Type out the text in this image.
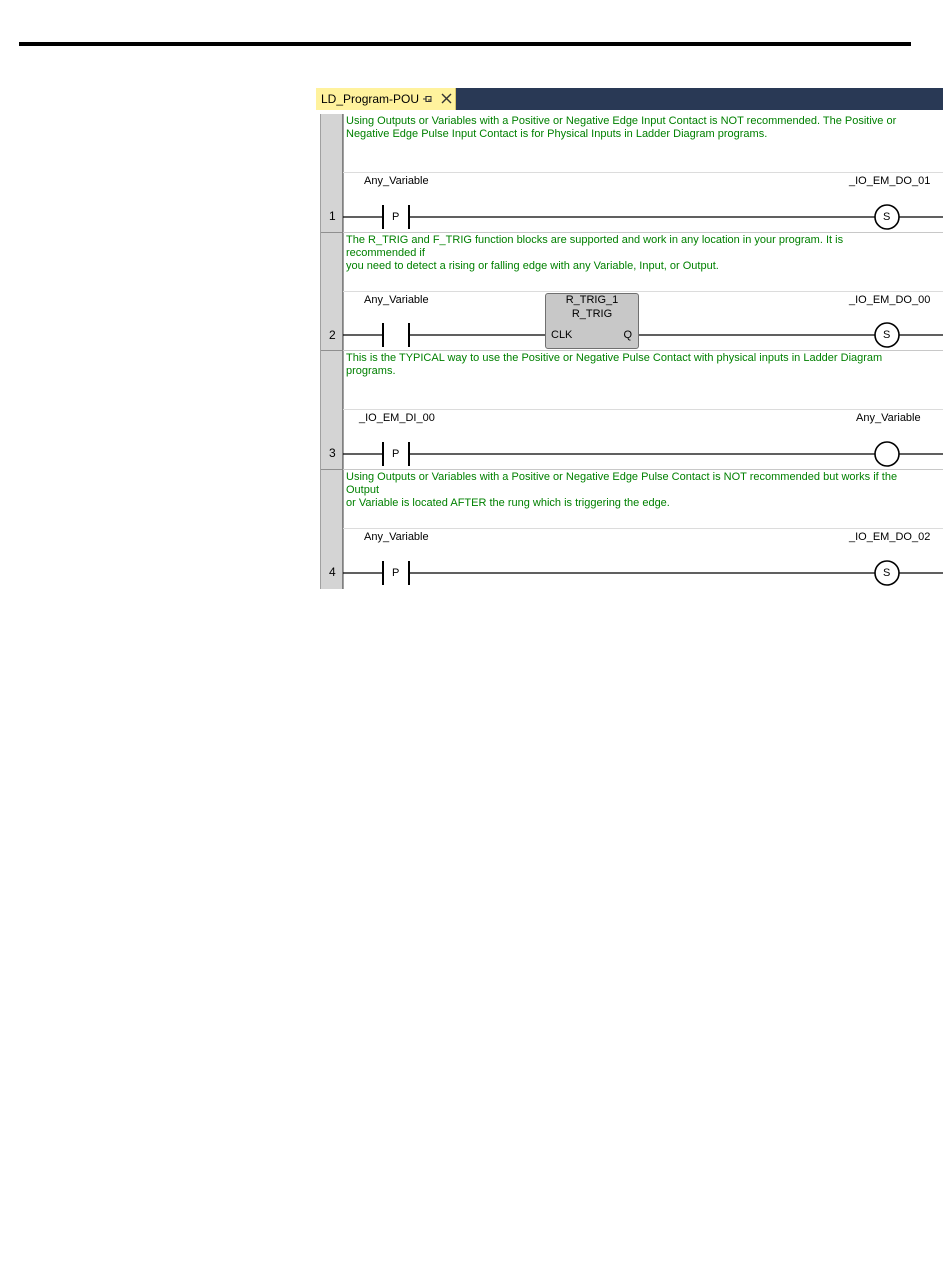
LD_Program-POU
1
2
3
4
Using Outputs or Variables with a Positive or Negative Edge Input Contact is NOT recommended. The Positive or
Negative Edge Pulse Input Contact is for Physical Inputs in Ladder Diagram programs.
Any_Variable	_IO_EM_DO_01
P	S
The R_TRIG and F_TRIG function blocks are supported and work in any location in your program. It is recommended if
you need to detect a rising or falling edge with any Variable, Input, or Output.
Any_Variable	_IO_EM_DO_00
R_TRIG_1
R_TRIG
CLK	Q	S
This is the TYPICAL way to use the Positive or Negative Pulse Contact with physical inputs in Ladder Diagram programs.
_IO_EM_DI_00	Any_Variable
P
Using Outputs or Variables with a Positive or Negative Edge Pulse Contact is NOT recommended but works if the Output
or Variable is located AFTER the rung which is triggering the edge.
Any_Variable	_IO_EM_DO_02
P	S
